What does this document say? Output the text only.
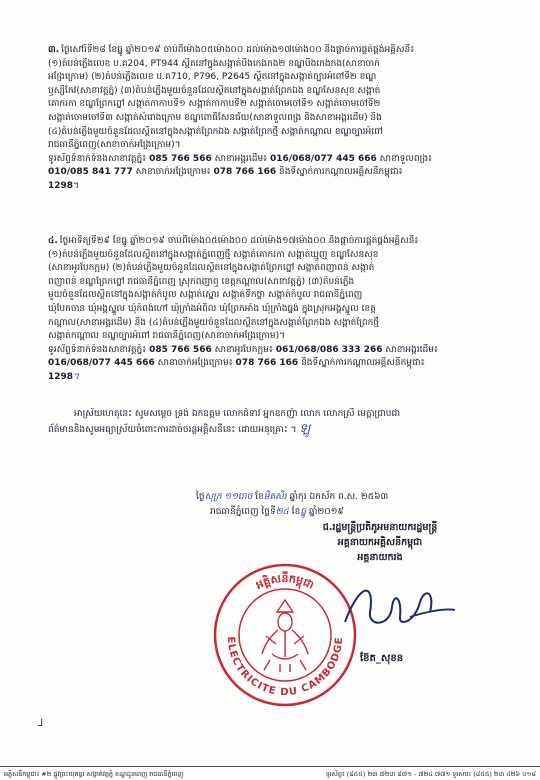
៣. ថ្ងៃសៅរ៍ទី២៨ ខែធ្នូ ឆ្នាំ២០១៩ ចាប់ពីម៉ោង០៥ម៉ោង០០ ដល់ម៉ោង១៧ម៉ោង០០ និងផ្តាច់ការផ្គត់ផ្គង់អគ្គិសនី៖
(១)តំបន់ភ្លើងលេខ ប.គ204, PT944 ស្ថិតនៅក្នុងសង្កាត់បឹងកេងកង២ ខណ្ឌបឹងកេងកង(សាខាចាក់
អង្រែក្រោម) (២)តំបន់ភ្លើងលេខ ប.គ710, P796, P2645 ស្ថិតនៅក្នុងសង្កាត់ច្បារអំពៅទី២ ខណ្ឌ
ឫស្សីកែវ(សាខាវត្តភ្នំ) (៣)តំបន់ភ្លើងមួយចំនួនដែលស្ថិតនៅក្នុងសង្កាត់ព្រែកឯង ខណ្ឌសែនសុខ សង្កាត់
គោករកា ខណ្ឌព្រែកព្នៅ សង្កាត់កាកាបទី១ សង្កាត់កាកាបទី២ សង្កាត់ចោមចៅទី១ សង្កាត់ចោមចៅទី២
សង្កាត់ចោមចៅទី៣ សង្កាត់សំរោងក្រោម ខណ្ឌពោធិ៍សែនជ័យ(សាខាទួលពង្រ និងសាខាអង្គរដើម) និង
(៤)តំបន់ភ្លើងមួយចំនួនដែលស្ថិតនៅក្នុងសង្កាត់ព្រែកឯង សង្កាត់ព្រែកថ្មី សង្កាត់កណ្តាល ខណ្ឌច្បារអំពៅ
រាជធានីភ្នំពេញ(សាខាចាក់អង្រែក្រោម)។
ទូរស័ព្ទទំនាក់ទំនងសាខាវត្តភ្នំ៖ 085 766 566 សាខាអង្គរដើម៖ 016/068/077 445 666 សាខាទួលពង្រ៖
010/085 841 777 សាខាចាក់អង្រែក្រោម៖ 078 766 166 និងទីស្នាក់ការកណ្តាលអគ្គិសនីកម្ពុជា៖
1298។
៤. ថ្ងៃអាទិត្យទី២៩ ខែធ្នូ ឆ្នាំ២០១៩ ចាប់ពីម៉ោង០៥ម៉ោង០០ ដល់ម៉ោង១៧ម៉ោង០០ និងផ្តាច់ការផ្គត់ផ្គង់អគ្គិសនី៖
(១)តំបន់ភ្លើងមួយចំនួនដែលស្ថិតនៅក្នុងសង្កាត់ភ្នំពេញថ្មី សង្កាត់គោករកា សង្កាត់ឃ្មួញ ខណ្ឌសែនសុខ
(សាខាអូរបែកក្អម) (២)តំបន់ភ្លើងមួយចំនួនដែលស្ថិតនៅក្នុងសង្កាត់ព្រែកព្នៅ សង្កាត់ពញាពន់ សង្កាត់
ពញាពន់ ខណ្ឌព្រែកព្នៅ រាជធានីភ្នំពេញ ស្រុកពញាឮ ខេត្តកណ្តាល(សាខាវត្តភ្នំ) (៣)តំបន់ភ្លើង
មួយចំនួនដែលស្ថិតនៅក្នុងសង្កាត់កំបូល សង្កាត់ស្នោរ សង្កាត់ទឹកថ្លា សង្កាត់កំបូល រាជធានីភ្នំពេញ
ឃុំបែកចាន ឃុំអង្គស្នួល ឃុំកំពង់ហៅ ឃុំក្រាំងអំពិល ឃុំព្រែកអាំង ឃុំក្រាំងធ្នង់ ក្នុងស្រុកអង្គស្នួល ខេត្ត
កណ្តាល(សាខាអង្គរដើម) និង (៤)តំបន់ភ្លើងមួយចំនួនដែលស្ថិតនៅក្នុងសង្កាត់ព្រែកឯង សង្កាត់ព្រែកថ្មី
សង្កាត់កណ្តាល ខណ្ឌច្បារអំពៅ រាជធានីភ្នំពេញ(សាខាចាក់អង្រែក្រោម)។
ទូរស័ព្ទទំនាក់ទំនងសាខាវត្តភ្នំ៖ 085 766 566 សាខាអូរបែកក្អម៖ 061/068/086 333 266 សាខាអង្គរដើម៖
016/068/077 445 666 សាខាចាក់អង្រែក្រោម៖ 078 766 166 និងទីស្នាក់ការកណ្តាលអគ្គិសនីកម្ពុជា៖
1298។
អាស្រ័យហេតុនេះ សូមសម្តេច ទ្រង់ ឯកឧត្តម លោកជំទាវ អ្នកឧកញ៉ា លោក លោកស្រី មេត្តាជ្រាបជា
ព័ត៌មាននិងសូមអធ្យាស្រ័យចំពោះការដាច់ចរន្តអគ្គិសនីនេះ ដោយអនុគ្រោះ ។ ឡូ
ថ្ងៃសុក្រ ១១រោច ខែមិគសិរ ឆ្នាំកុរ ឯកស័ក ព.ស. ២៥៦៣
រាជធានីភ្នំពេញ ថ្ងៃទី២៤ ខែធ្នូ ឆ្នាំ២០១៩
ជ.រដ្ឋមន្ត្រីប្រតិភូអមនាយករដ្ឋមន្ត្រី
អគ្គនាយកអគ្គិសនីកម្ពុជា
អគ្គនាយករង
អគ្គិសនីកម្ពុជា
ELECTRICITE DU CAMBODGE
ខ៊ែត_សុខន
ᒧ
អគ្គិសនីកម្ពុជា៖ #២ ផ្លូវព្រះយុគន្ធរ សង្កាត់វត្តភ្នំ ខណ្ឌដូនពេញ រាជធានីភ្នំពេញ	ទូរស័ព្ទ៖ (៨៥៥) ២៣ ៧២៣ ៨៧១ - ៧២៤ ៧៧១ ទូរសារ៖ (៨៥៥) ២៣ ៤២៦ ០១៨
